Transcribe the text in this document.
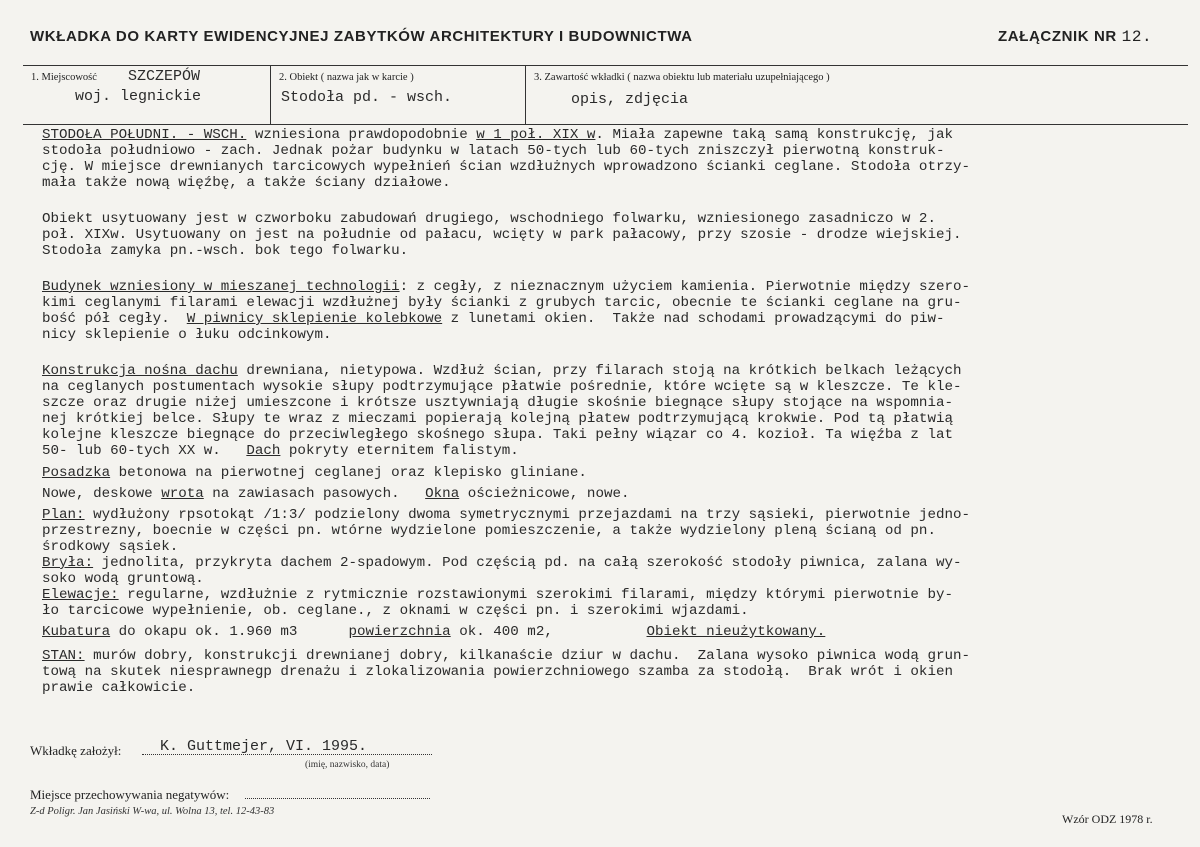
WKŁADKA DO KARTY EWIDENCYJNEJ ZABYTKÓW ARCHITEKTURY I BUDOWNICTWA	ZAŁĄCZNIK NR 12.
1. Miejscowość SZCZEPÓW
woj. legnickie
2. Obiekt ( nazwa jak w karcie )
Stodoła pd. - wsch.
3. Zawartość wkładki ( nazwa obiektu lub materiału uzupełniającego )
opis, zdjęcia
STODOŁA POŁUDNI. - WSCH. wzniesiona prawdopodobnie w 1 poł. XIX w. Miała zapewne taką samą konstrukcję, jak
stodoła południowo - zach. Jednak pożar budynku w latach 50-tych lub 60-tych zniszczył pierwotną konstruk-
cję. W miejsce drewnianych tarcicowych wypełnień ścian wzdłużnych wprowadzono ścianki ceglane. Stodoła otrzy-
mała także nową więźbę, a także ściany działowe.
Obiekt usytuowany jest w czworboku zabudowań drugiego, wschodniego folwarku, wzniesionego zasadniczo w 2.
poł. XIXw. Usytuowany on jest na południe od pałacu, wcięty w park pałacowy, przy szosie - drodze wiejskiej.
Stodoła zamyka pn.-wsch. bok tego folwarku.
Budynek wzniesiony w mieszanej technologii: z cegły, z nieznacznym użyciem kamienia. Pierwotnie między szero-
kimi ceglanymi filarami elewacji wzdłużnej były ścianki z grubych tarcic, obecnie te ścianki ceglane na gru-
bość pół cegły.  W piwnicy sklepienie kolebkowe z lunetami okien.  Także nad schodami prowadzącymi do piw-
nicy sklepienie o łuku odcinkowym.
Konstrukcja nośna dachu drewniana, nietypowa. Wzdłuż ścian, przy filarach stoją na krótkich belkach leżących
na ceglanych postumentach wysokie słupy podtrzymujące płatwie pośrednie, które wcięte są w kleszcze. Te kle-
szcze oraz drugie niżej umieszcone i krótsze usztywniają długie skośnie biegnące słupy stojące na wspomnia-
nej krótkiej belce. Słupy te wraz z mieczami popierają kolejną płatew podtrzymującą krokwie. Pod tą płatwią
kolejne kleszcze biegnące do przeciwległego skośnego słupa. Taki pełny wiązar co 4. kozioł. Ta więźba z lat
50- lub 60-tych XX w.   Dach pokryty eternitem falistym.
Posadzka betonowa na pierwotnej ceglanej oraz klepisko gliniane.
Nowe, deskowe wrota na zawiasach pasowych.   Okna ościeżnicowe, nowe.
Plan: wydłużony rpsotokąt /1:3/ podzielony dwoma symetrycznymi przejazdami na trzy sąsieki, pierwotnie jedno-
przestrezny, boecnie w części pn. wtórne wydzielone pomieszczenie, a także wydzielony pleną ścianą od pn.
środkowy sąsiek.
Bryła: jednolita, przykryta dachem 2-spadowym. Pod częścią pd. na całą szerokość stodoły piwnica, zalana wy-
soko wodą gruntową.
Elewacje: regularne, wzdłużnie z rytmicznie rozstawionymi szerokimi filarami, między którymi pierwotnie by-
ło tarcicowe wypełnienie, ob. ceglane., z oknami w części pn. i szerokimi wjazdami.
Kubatura do okapu ok. 1.960 m3      powierzchnia ok. 400 m2,           Obiekt nieużytkowany.
STAN: murów dobry, konstrukcji drewnianej dobry, kilkanaście dziur w dachu.  Zalana wysoko piwnica wodą grun-
tową na skutek niesprawnegp drenażu i zlokalizowania powierzchniowego szamba za stodołą.  Brak wrót i okien
prawie całkowicie.
Wkładkę założył:	K. Guttmejer, VI. 1995.
(imię, nazwisko, data)
Miejsce przechowywania negatywów:
Z-d Poligr. Jan Jasiński W-wa, ul. Wolna 13, tel. 12-43-83
Wzór ODZ 1978 r.
